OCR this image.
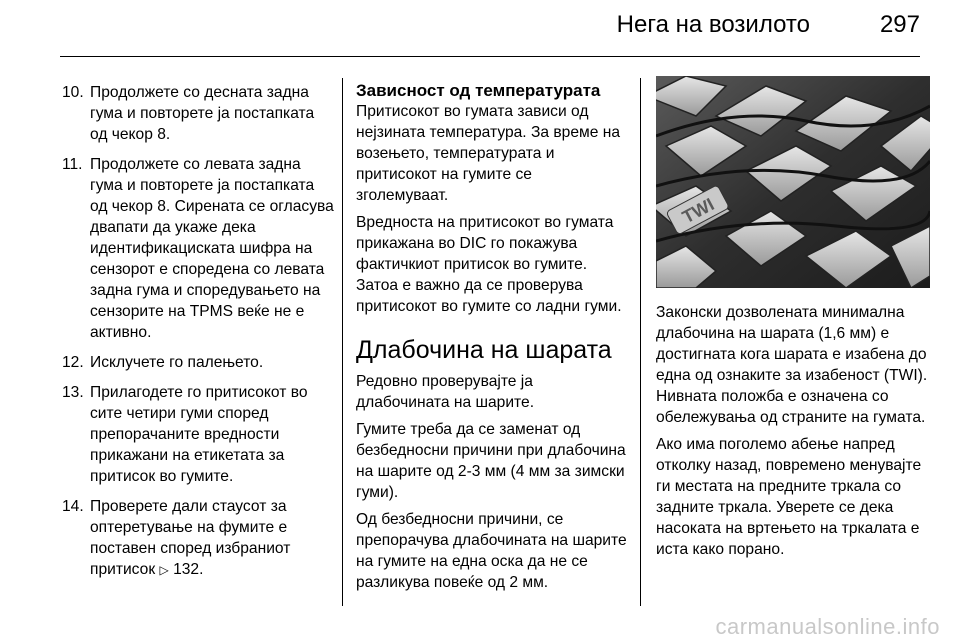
Нега на возилото	297
10. Продолжете со десната задна гума и повторете ја постапката од чекор 8.
11. Продолжете со левата задна гума и повторете ја постапката од чекор 8. Сирената се огласува двапати да укаже дека идентификациската шифра на сензорот е споредена со левата задна гума и споредувањето на сензорите на TPMS веќе не е активно.
12. Исклучете го палењето.
13. Прилагодете го притисокот во сите четири гуми според препорачаните вредности прикажани на етикетата за притисок во гумите.
14. Проверете дали стаусот за оптеретување на фумите е поставен според избраниот притисок ▷ 132.
Зависност од температурата

Притисокот во гумата зависи од нејзината температура. За време на возењето, температурата и притисокот на гумите се зголемуваат.

Вредноста на притисокот во гумата прикажана во DIC го покажува фактичкиот притисок во гумите. Затоа е важно да се проверува притисокот во гумите со ладни гуми.

Длабочина на шарата

Редовно проверувајте ја длабочината на шарите.

Гумите треба да се заменат од безбедносни причини при длабочина на шарите од 2-3 мм (4 мм за зимски гуми).

Од безбедносни причини, се препорачува длабочината на шарите на гумите на една оска да не се разликува повеќе од 2 мм.

TWI

Законски дозволената минимална длабочина на шарата (1,6 мм) е достигната кога шарата е изабена до една од ознаките за изабеност (TWI). Нивната положба е означена со обележувања од страните на гумата.

Ако има поголемо абење напред отколку назад, повремено менувајте ги местата на предните тркала со задните тркала. Уверете се дека насоката на вртењето на тркалата е иста како порано.

carmanualsonline.info
